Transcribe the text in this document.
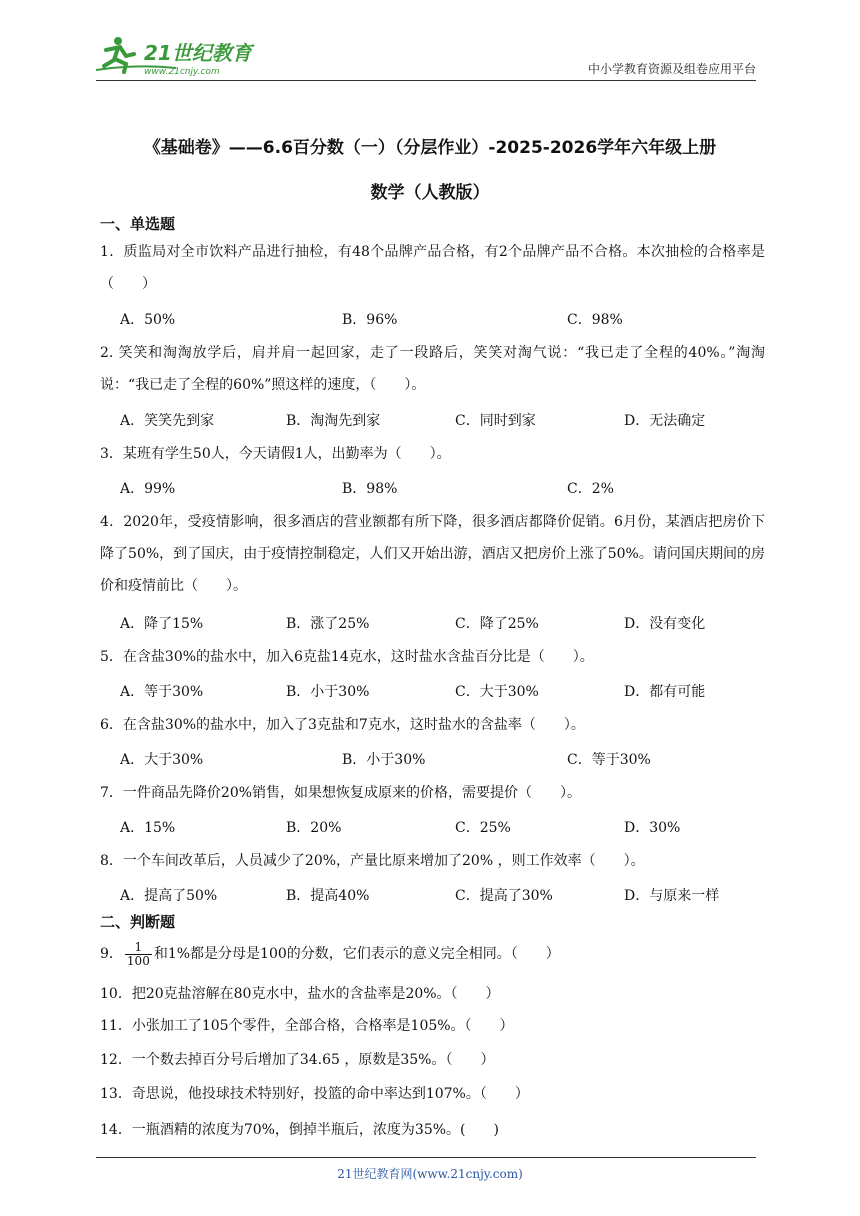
21世纪教育
www.21cnjy.com	中小学教育资源及组卷应用平台
《基础卷》——6.6百分数（一）（分层作业）-2025-2026学年六年级上册
数学（人教版）
一、单选题
1．质监局对全市饮料产品进行抽检，有48个品牌产品合格，有2个品牌产品不合格。本次抽检的合格率是（　　）
A．50%	B．96%	C．98%
2. 笑笑和淘淘放学后，肩并肩一起回家，走了一段路后，笑笑对淘气说：“我已走了全程的40%。”淘淘说：“我已走了全程的60%”照这样的速度，（　　）。
A．笑笑先到家	B．淘淘先到家	C．同时到家	D．无法确定
3．某班有学生50人，今天请假1人，出勤率为（　　）。
A．99%	B．98%	C．2%
4．2020年，受疫情影响，很多酒店的营业额都有所下降，很多酒店都降价促销。6月份，某酒店把房价下降了50%，到了国庆，由于疫情控制稳定，人们又开始出游，酒店又把房价上涨了50%。请问国庆期间的房价和疫情前比（　　）。
A．降了15%	B．涨了25%	C．降了25%	D．没有变化
5．在含盐30%的盐水中，加入6克盐14克水，这时盐水含盐百分比是（　　）。
A．等于30%	B．小于30%	C．大于30%	D．都有可能
6．在含盐30%的盐水中，加入了3克盐和7克水，这时盐水的含盐率（　　）。
A．大于30%	B．小于30%	C．等于30%
7．一件商品先降价20%销售，如果想恢复成原来的价格，需要提价（　　）。
A．15%	B．20%	C．25%	D．30%
8．一个车间改革后，人员减少了20%，产量比原来增加了20% ，则工作效率（　　）。
A．提高了50%	B．提高40%	C．提高了30%	D．与原来一样
二、判断题
9． $\frac{1}{100}$ 和1%都是分母是100的分数，它们表示的意义完全相同。（　　）
10．把20克盐溶解在80克水中，盐水的含盐率是20%。（　　）
11．小张加工了105个零件，全部合格，合格率是105%。（　　）
12．一个数去掉百分号后增加了34.65 ，原数是35%。（　　）
13．奇思说，他投球技术特别好，投篮的命中率达到107%。（　　）
14．一瓶酒精的浓度为70%，倒掉半瓶后，浓度为35%。(　　)
21世纪教育网(www.21cnjy.com)
